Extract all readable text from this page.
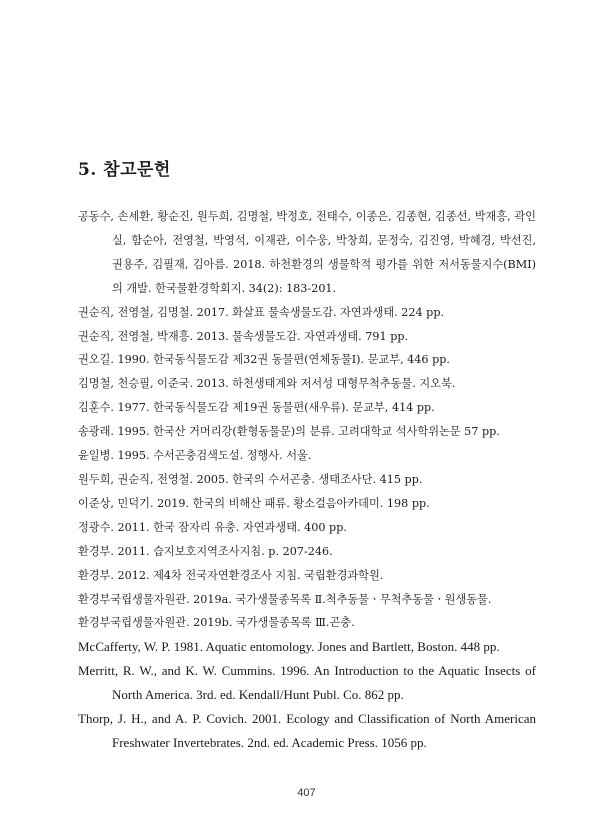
5. 참고문헌

공동수, 손세환, 황순진, 원두희, 김명철, 박정호, 전태수, 이종은, 김종현, 김종선, 박재흥, 곽인실, 함순아, 전영철, 박영석, 이재관, 이수웅, 박창희, 문정숙, 김진영, 박혜경, 박선진, 권용주, 김필재, 김아름. 2018. 하천환경의 생물학적 평가를 위한 저서동물지수(BMI)의 개발. 한국물환경학회지. 34(2): 183-201.

권순직, 전영철, 김명철. 2017. 화살표 물속생물도감. 자연과생태. 224 pp.

권순직, 전영철, 박재흥. 2013. 물속생물도감. 자연과생태. 791 pp.

권오길. 1990. 한국동식물도감 제32권 동물편(연체동물Ⅰ). 문교부, 446 pp.

김명철, 천승필, 이준국. 2013. 하천생태계와 저서성 대형무척추동물. 지오북.

김훈수. 1977. 한국동식물도감 제19권 동물편(새우류). 문교부, 414 pp.

송광래. 1995. 한국산 거머리강(환형동물문)의 분류. 고려대학교 석사학위논문 57 pp.

윤일병. 1995. 수서곤충검색도설. 정행사. 서울.

원두희, 권순직, 전영철. 2005. 한국의 수서곤충. 생태조사단. 415 pp.

이준상, 민덕기. 2019. 한국의 비해산 패류. 황소걸음아카데미. 198 pp.

정광수. 2011. 한국 잠자리 유충. 자연과생태. 400 pp.

환경부. 2011. 습지보호지역조사지침. p. 207-246.

환경부. 2012. 제4차 전국자연환경조사 지침. 국립환경과학원.

환경부국립생물자원관. 2019a. 국가생물종목록 Ⅱ.척추동물ㆍ무척추동물ㆍ원생동물.

환경부국립생물자원관. 2019b. 국가생물종목록 Ⅲ.곤충.

McCafferty, W. P. 1981. Aquatic entomology. Jones and Bartlett, Boston. 448 pp.

Merritt, R. W., and K. W. Cummins. 1996. An Introduction to the Aquatic Insects of North America. 3rd. ed. Kendall/Hunt Publ. Co. 862 pp.

Thorp, J. H., and A. P. Covich. 2001. Ecology and Classification of North American Freshwater Invertebrates. 2nd. ed. Academic Press. 1056 pp.

407
